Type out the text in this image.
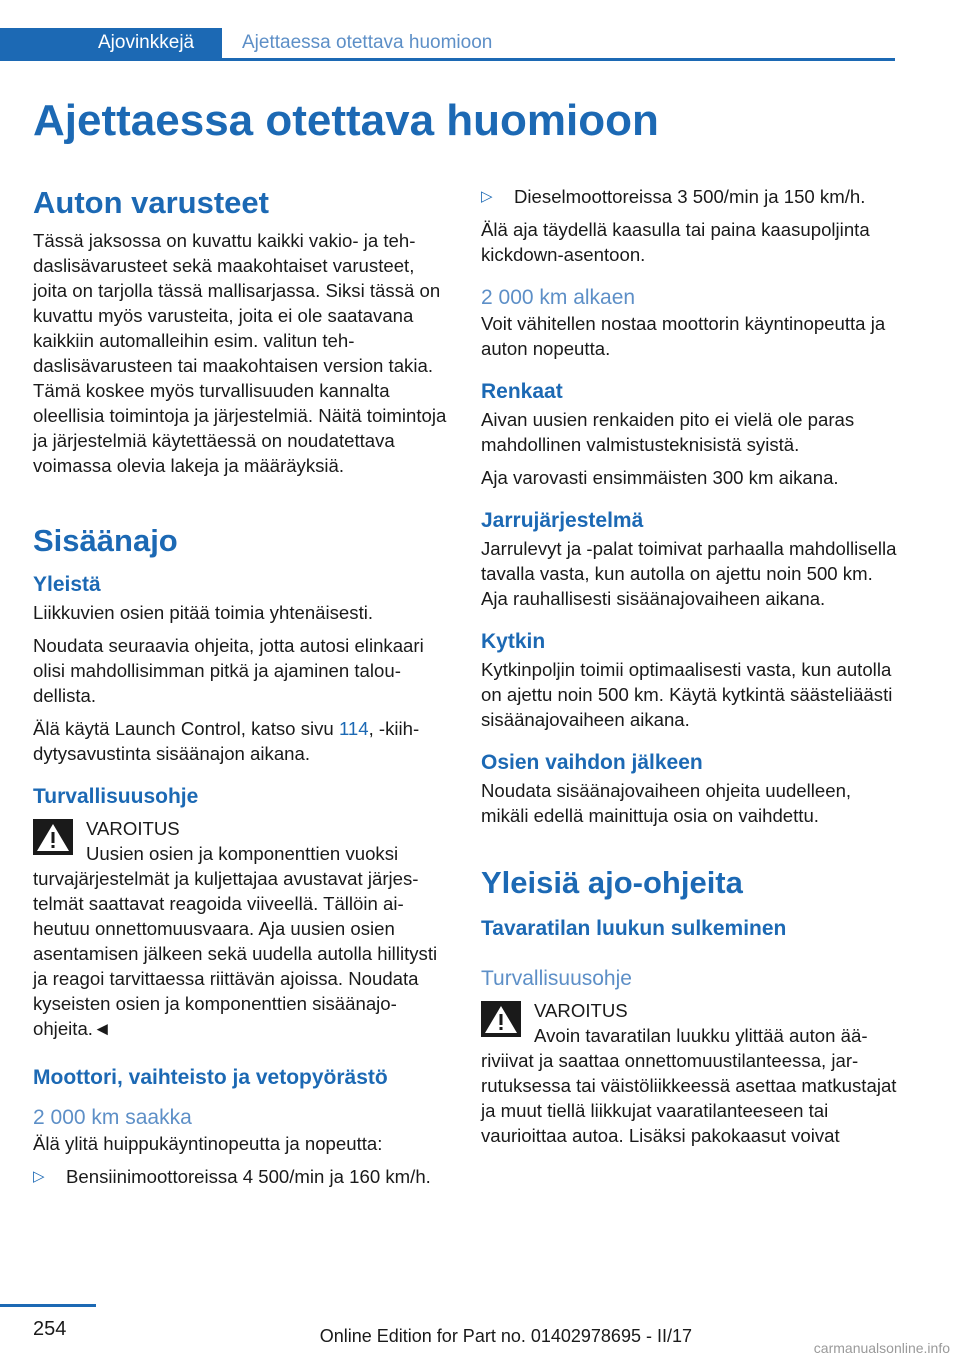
Ajovinkkejä	Ajettaessa otettava huomioon
Ajettaessa otettava huomioon
Auton varusteet

Tässä jaksossa on kuvattu kaikki vakio- ja tehdaslisävarusteet sekä maakohtaiset varusteet, joita on tarjolla tässä mallisarjassa. Siksi tässä on kuvattu myös varusteita, joita ei ole saatavana kaikkiin automalleihin esim. valitun tehdaslisävarusteen tai maakohtaisen version takia. Tämä koskee myös turvallisuuden kannalta oleellisia toimintoja ja järjestelmiä. Näitä toimintoja ja järjestelmiä käytettäessä on noudatettava voimassa olevia lakeja ja määräyksiä.

Sisäänajo
Yleistä

Liikkuvien osien pitää toimia yhtenäisesti.

Noudata seuraavia ohjeita, jotta autosi elinkaari olisi mahdollisimman pitkä ja ajaminen taloudellista.

Älä käytä Launch Control, katso sivu 114, -kiihdytysavustinta sisäänajon aikana.

Turvallisuusohje

VAROITUS

Uusien osien ja komponenttien vuoksi turvajärjestelmät ja kuljettajaa avustavat järjestelmät saattavat reagoida viiveellä. Tällöin aiheutuu onnettomuusvaara. Aja uusien osien asentamisen jälkeen sekä uudella autolla hillitysti ja reagoi tarvittaessa riittävän ajoissa. Noudata kyseisten osien ja komponenttien sisäänajo-ohjeita.◄

Moottori, vaihteisto ja vetopyörästö
2 000 km saakka

Älä ylitä huippukäyntinopeutta ja nopeutta:

▷	Bensiinimoottoreissa 4 500/min ja 160 km/h.
▷	Dieselmoottoreissa 3 500/min ja 150 km/h.

Älä aja täydellä kaasulla tai paina kaasupoljinta kickdown-asentoon.

2 000 km alkaen

Voit vähitellen nostaa moottorin käyntinopeutta ja auton nopeutta.

Renkaat

Aivan uusien renkaiden pito ei vielä ole paras mahdollinen valmistusteknisistä syistä.

Aja varovasti ensimmäisten 300 km aikana.

Jarrujärjestelmä

Jarrulevyt ja -palat toimivat parhaalla mahdollisella tavalla vasta, kun autolla on ajettu noin 500 km. Aja rauhallisesti sisäänajovaiheen aikana.

Kytkin

Kytkinpoljin toimii optimaalisesti vasta, kun autolla on ajettu noin 500 km. Käytä kytkintä säästeliäästi sisäänajovaiheen aikana.

Osien vaihdon jälkeen

Noudata sisäänajovaiheen ohjeita uudelleen, mikäli edellä mainittuja osia on vaihdettu.

Yleisiä ajo-ohjeita
Tavaratilan luukun sulkeminen
Turvallisuusohje

VAROITUS

Avoin tavaratilan luukku ylittää auton ääriviivat ja saattaa onnettomuustilanteessa, jarrutuksessa tai väistöliikkeessä asettaa matkustajat ja muut tiellä liikkujat vaaratilanteeseen tai vaurioittaa autoa. Lisäksi pakokaasut voivat

254	Online Edition for Part no. 01402978695 - II/17
carmanualsonline.info
